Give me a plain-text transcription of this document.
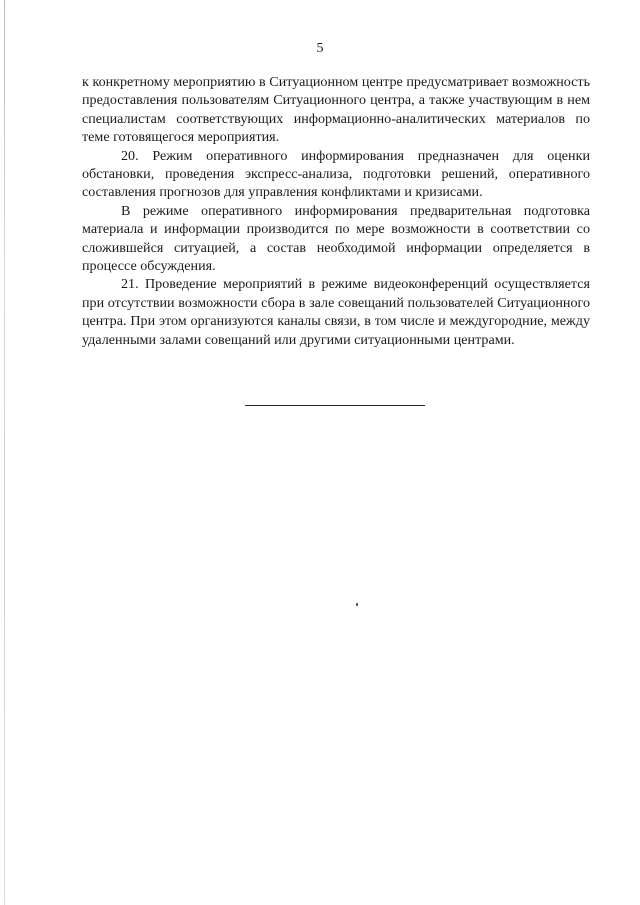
5

к конкретному мероприятию в Ситуационном центре предусматривает возможность предоставления пользователям Ситуационного центра, а также участвующим в нем специалистам соответствующих информационно-аналитических материалов по теме готовящегося мероприятия.

20. Режим оперативного информирования предназначен для оценки обстановки, проведения экспресс-анализа, подготовки решений, оперативного составления прогнозов для управления конфликтами и кризисами.

В режиме оперативного информирования предварительная подготовка материала и информации производится по мере возможности в соответствии со сложившейся ситуацией, а состав необходимой информации определяется в процессе обсуждения.

21. Проведение мероприятий в режиме видеоконференций осуществляется при отсутствии возможности сбора в зале совещаний пользователей Ситуационного центра. При этом организуются каналы связи, в том числе и междугородние, между удаленными залами совещаний или другими ситуационными центрами.
